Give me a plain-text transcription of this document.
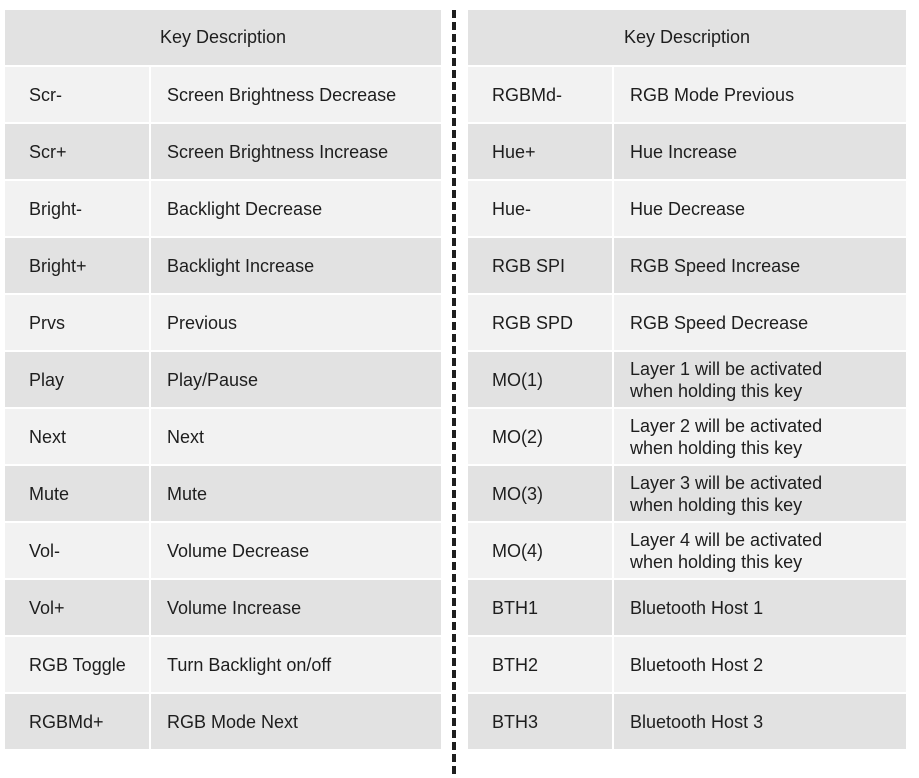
Key Description	
Scr-	Screen Brightness Decrease
Scr+	Screen Brightness Increase
Bright-	Backlight Decrease
Bright+	Backlight Increase
Prvs	Previous
Play	Play/Pause
Next	Next
Mute	Mute
Vol-	Volume Decrease
Vol+	Volume Increase
RGB Toggle	Turn Backlight on/off
RGBMd+	RGB Mode Next
Key Description	
RGBMd-	RGB Mode Previous
Hue+	Hue Increase
Hue-	Hue Decrease
RGB SPI	RGB Speed Increase
RGB SPD	RGB Speed Decrease
MO(1)	Layer 1 will be activated when holding this key
MO(2)	Layer 2 will be activated when holding this key
MO(3)	Layer 3 will be activated when holding this key
MO(4)	Layer 4 will be activated when holding this key
BTH1	Bluetooth Host 1
BTH2	Bluetooth Host 2
BTH3	Bluetooth Host 3
